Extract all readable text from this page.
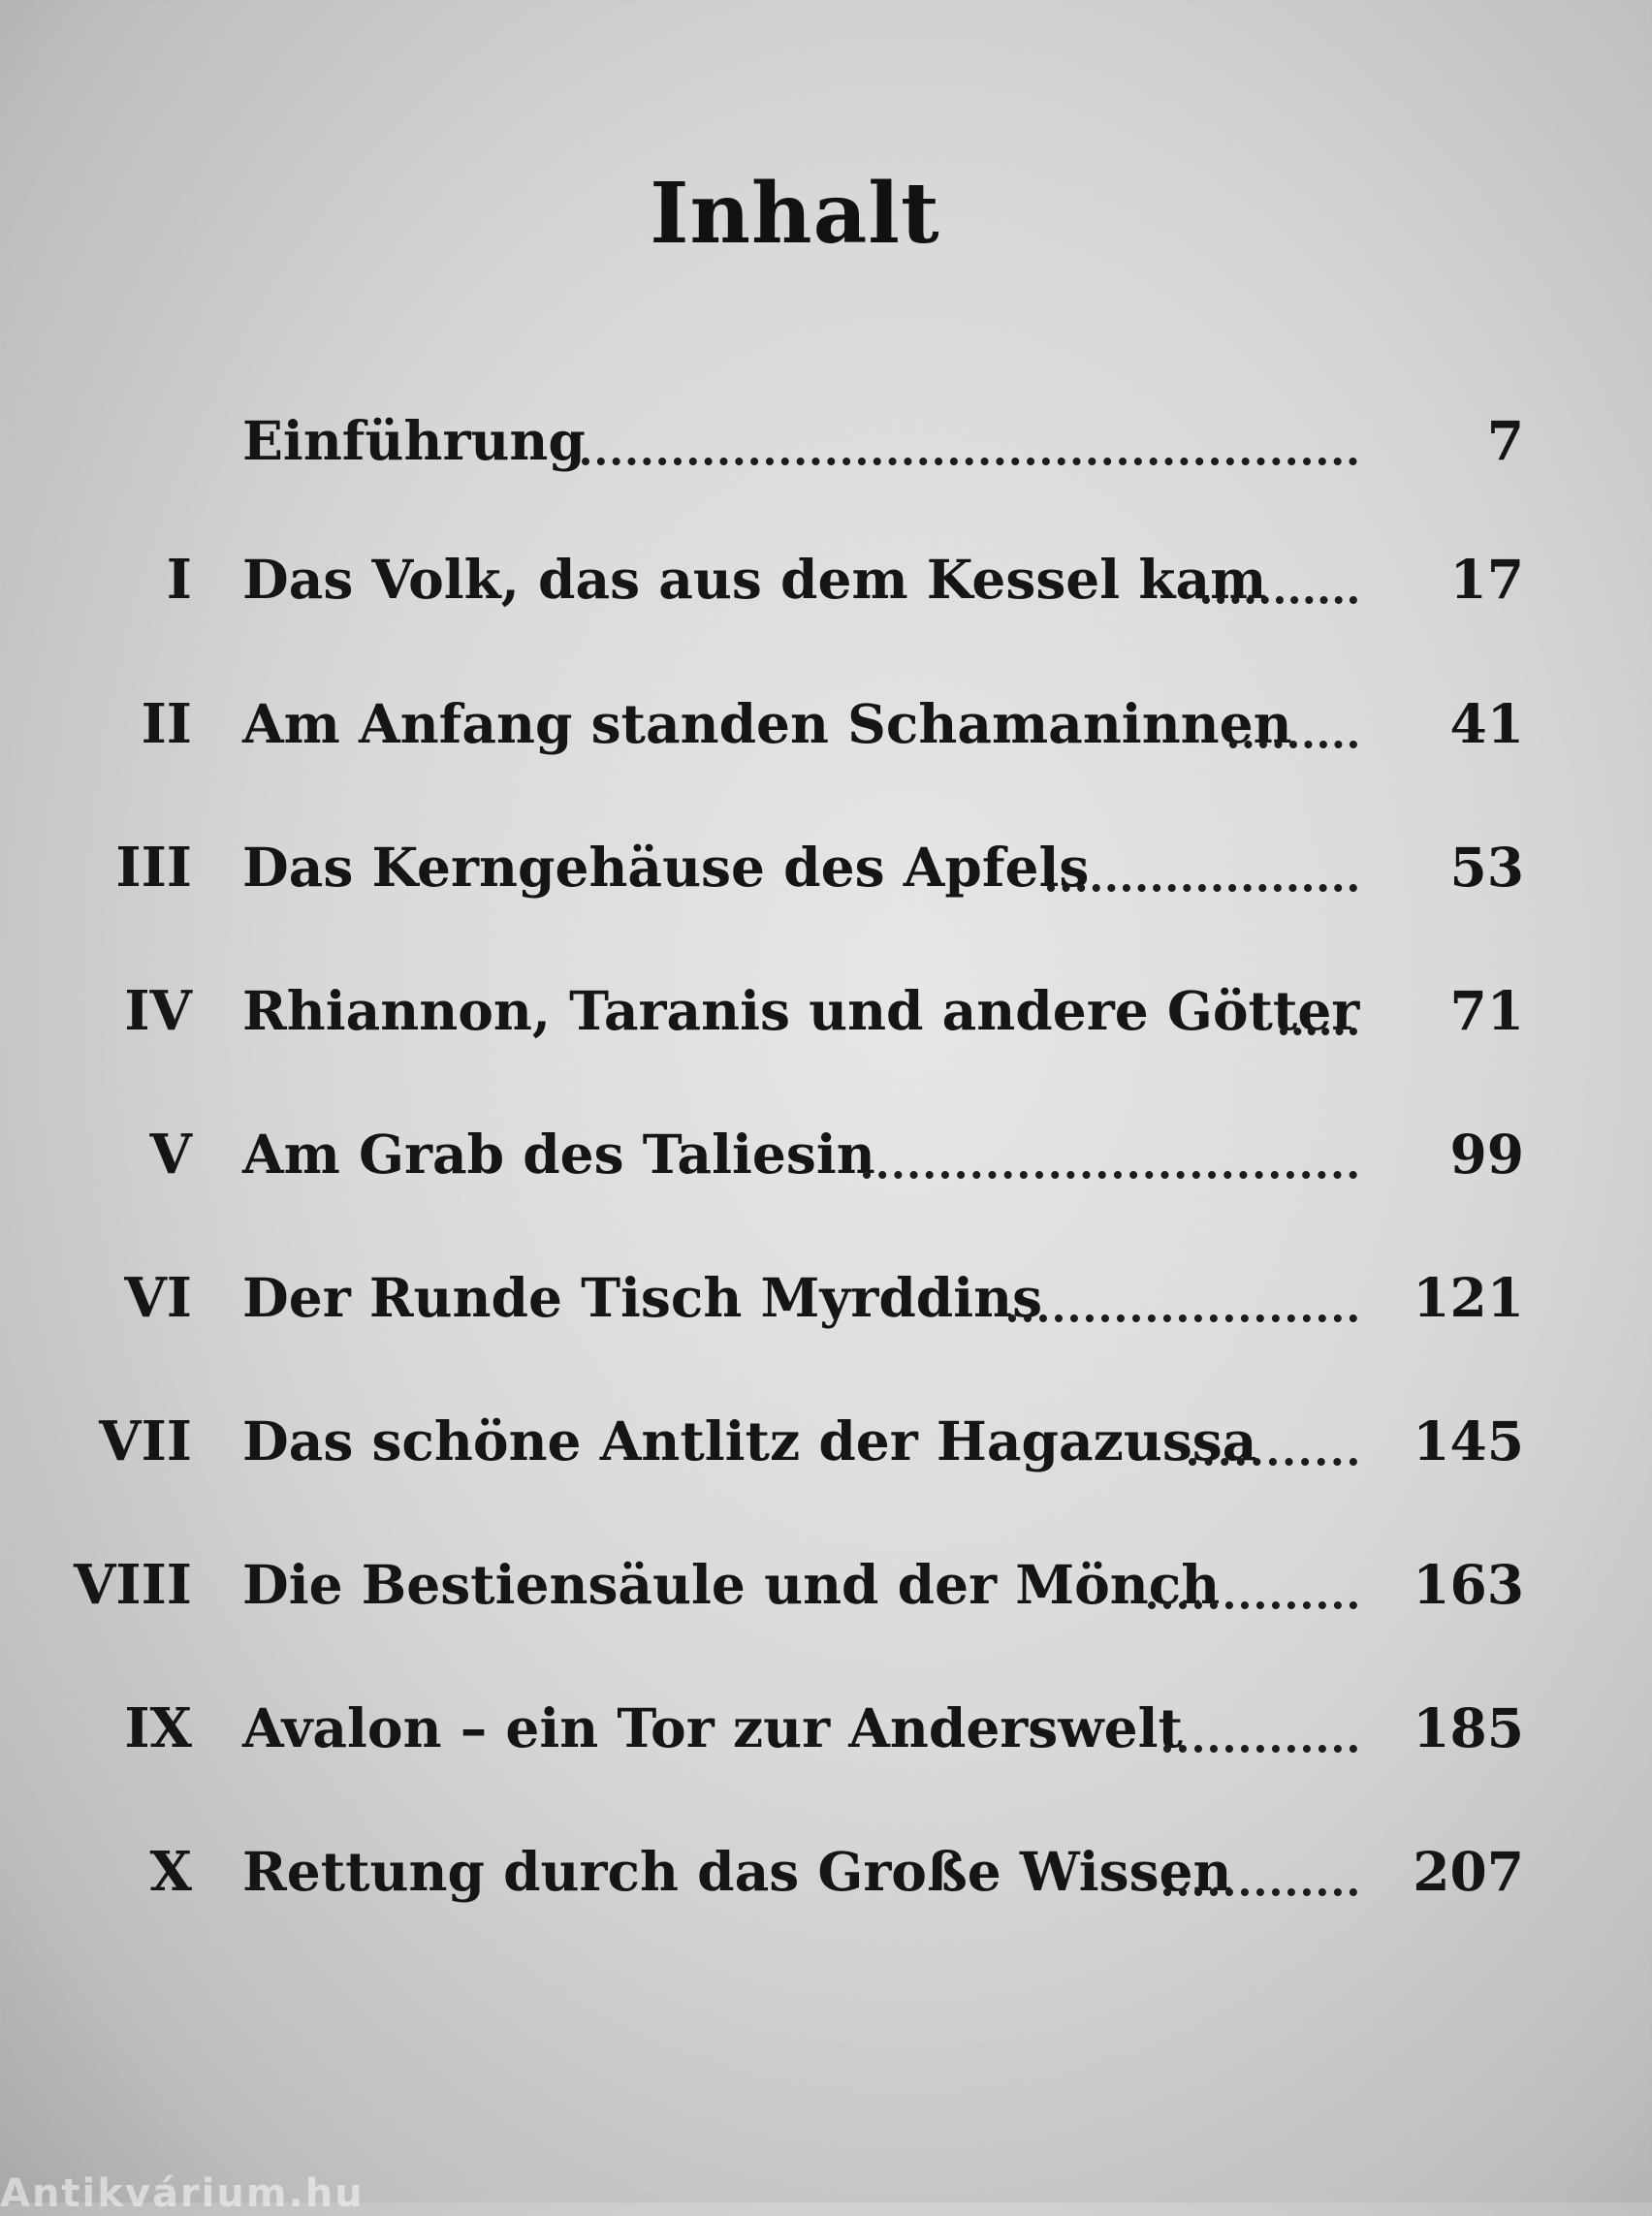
Inhalt
Einführung	7
I Das Volk, das aus dem Kessel kam	17
II Am Anfang standen Schamaninnen	41
III Das Kerngehäuse des Apfels	53
IV Rhiannon, Taranis und andere Götter	71
V Am Grab des Taliesin	99
VI Der Runde Tisch Myrddins	121
VII Das schöne Antlitz der Hagazussa	145
VIII Die Bestiensäule und der Mönch	163
IX Avalon – ein Tor zur Anderswelt	185
X Rettung durch das Große Wissen	207
Antikvárium.hu
